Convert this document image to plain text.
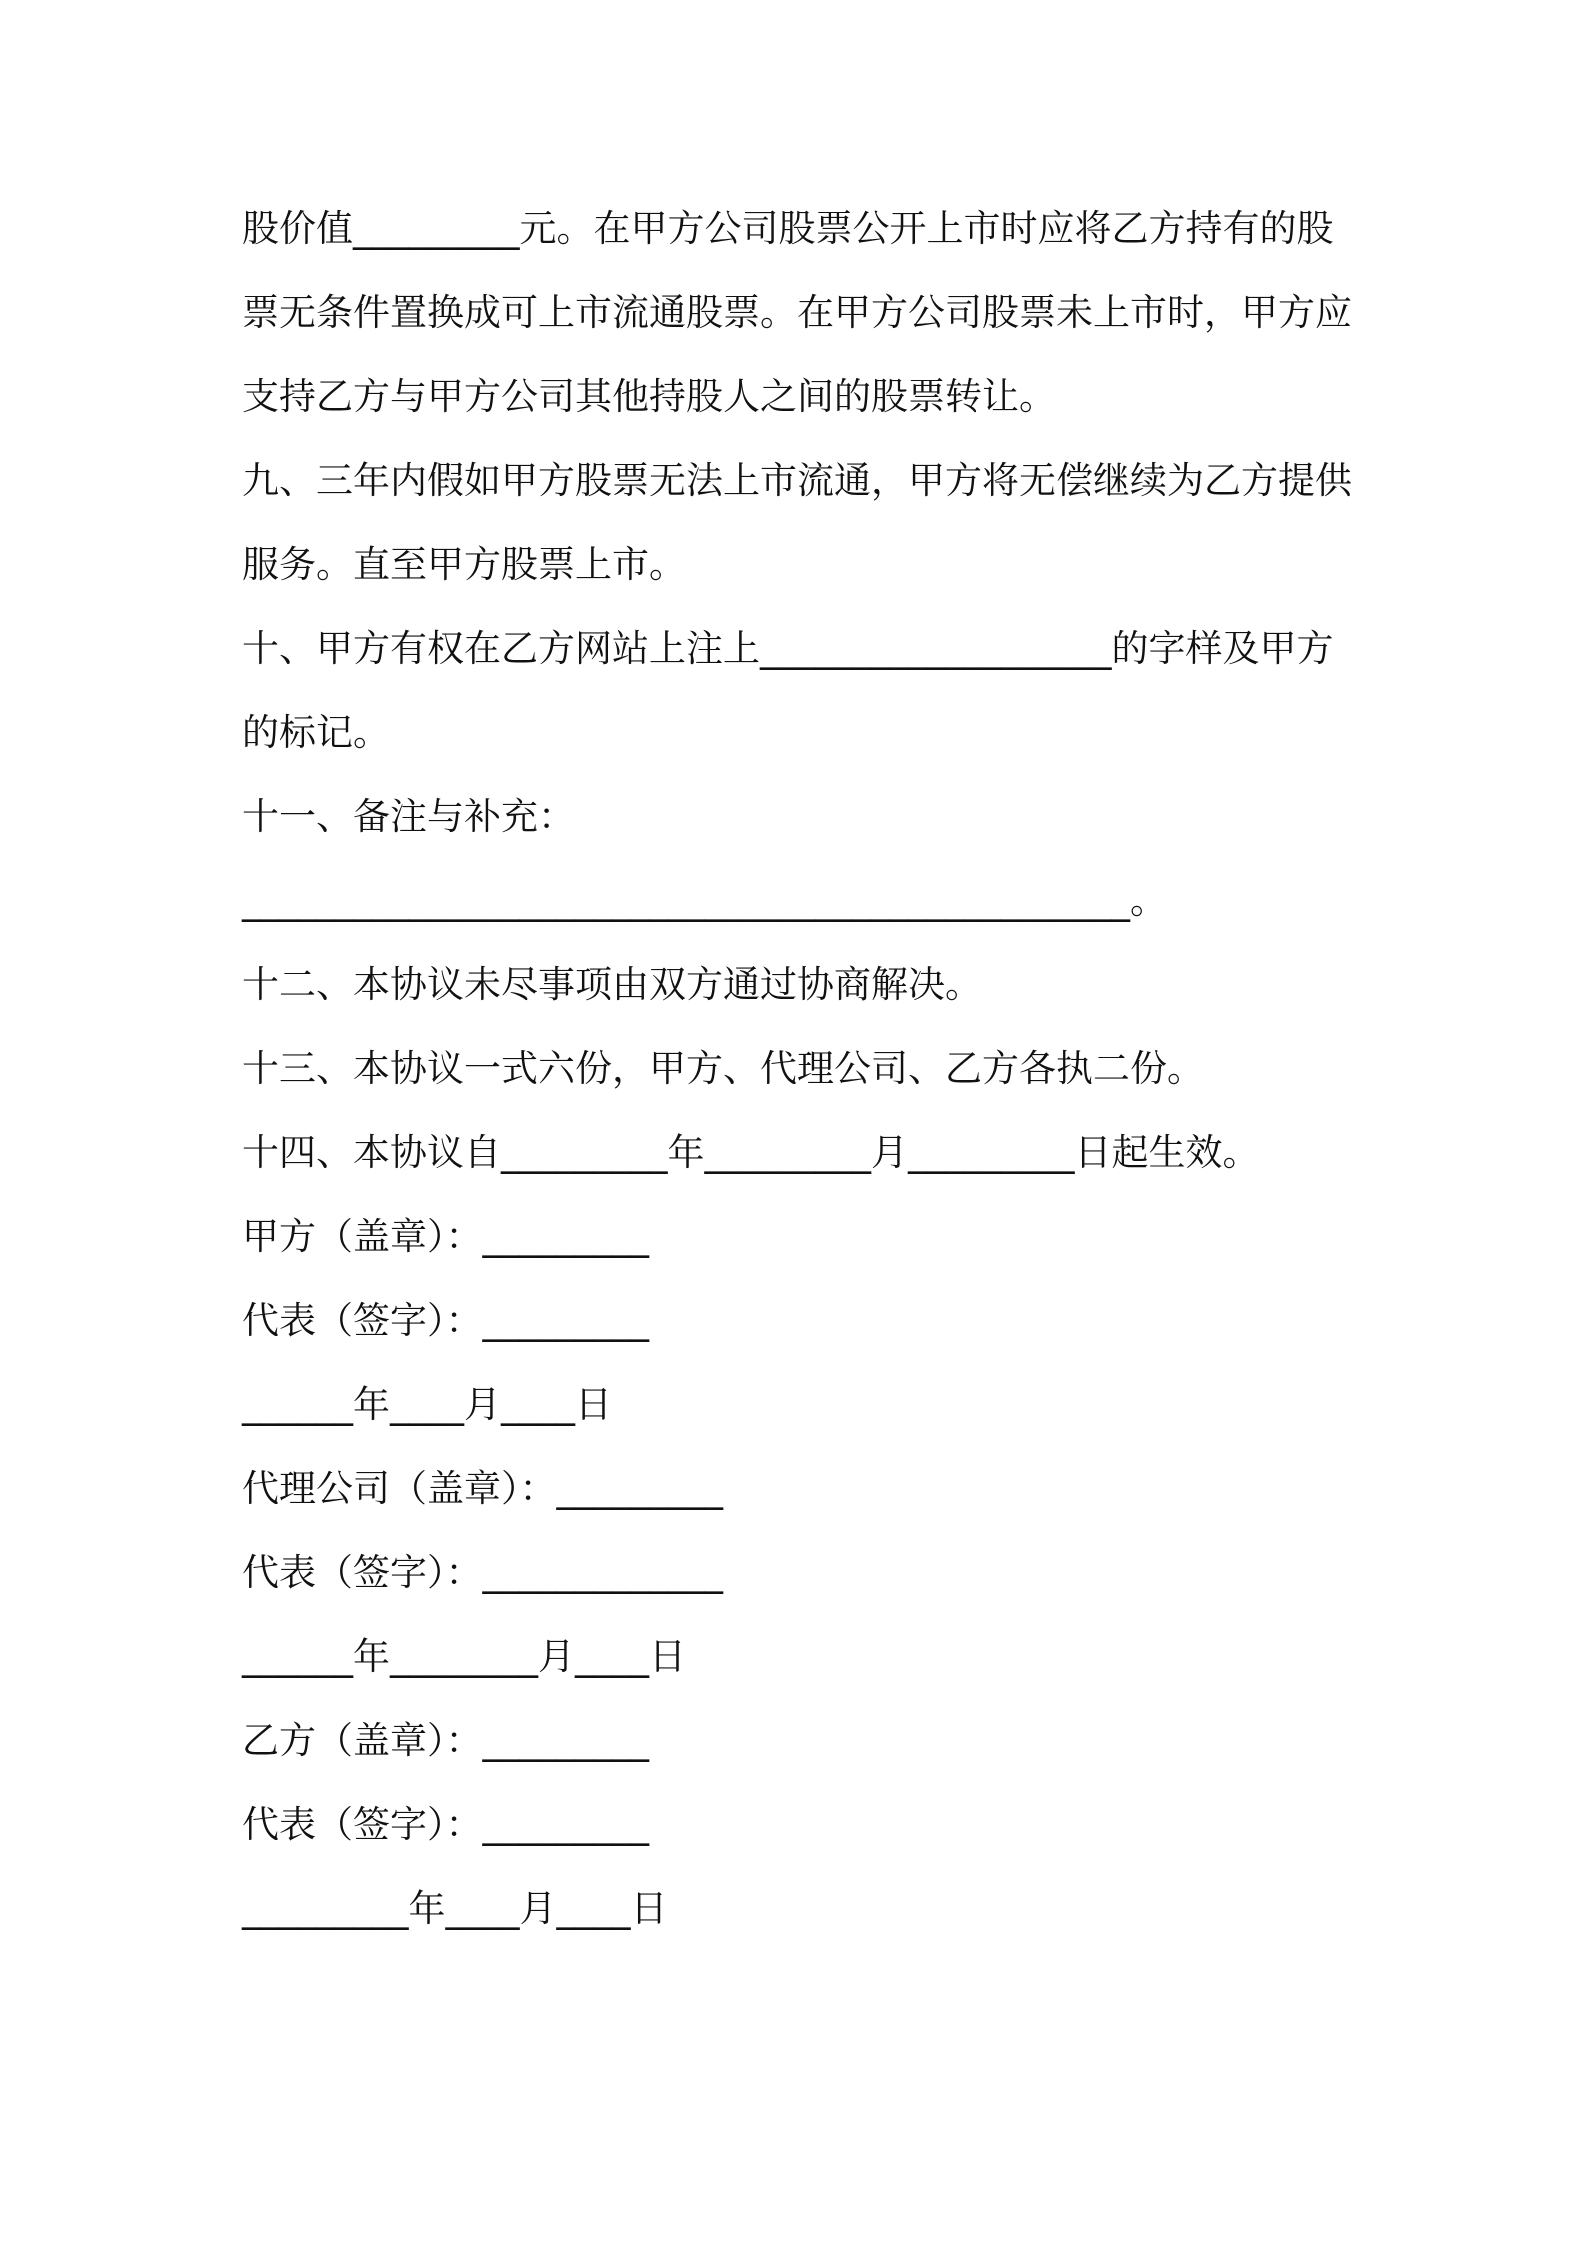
股价值_________元。在甲方公司股票公开上市时应将乙方持有的股
票无条件置换成可上市流通股票。在甲方公司股票未上市时，甲方应
支持乙方与甲方公司其他持股人之间的股票转让。
九、三年内假如甲方股票无法上市流通，甲方将无偿继续为乙方提供
服务。直至甲方股票上市。
十、甲方有权在乙方网站上注上___________________的字样及甲方
的标记。
十一、备注与补充：
________________________________________________。
十二、本协议未尽事项由双方通过协商解决。
十三、本协议一式六份，甲方、代理公司、乙方各执二份。
十四、本协议自_________年_________月_________日起生效。
甲方（盖章）：_________
代表（签字）：_________
______年____月____日
代理公司（盖章）：_________
代表（签字）：_____________
______年________月____日
乙方（盖章）：_________
代表（签字）：_________
_________年____月____日
